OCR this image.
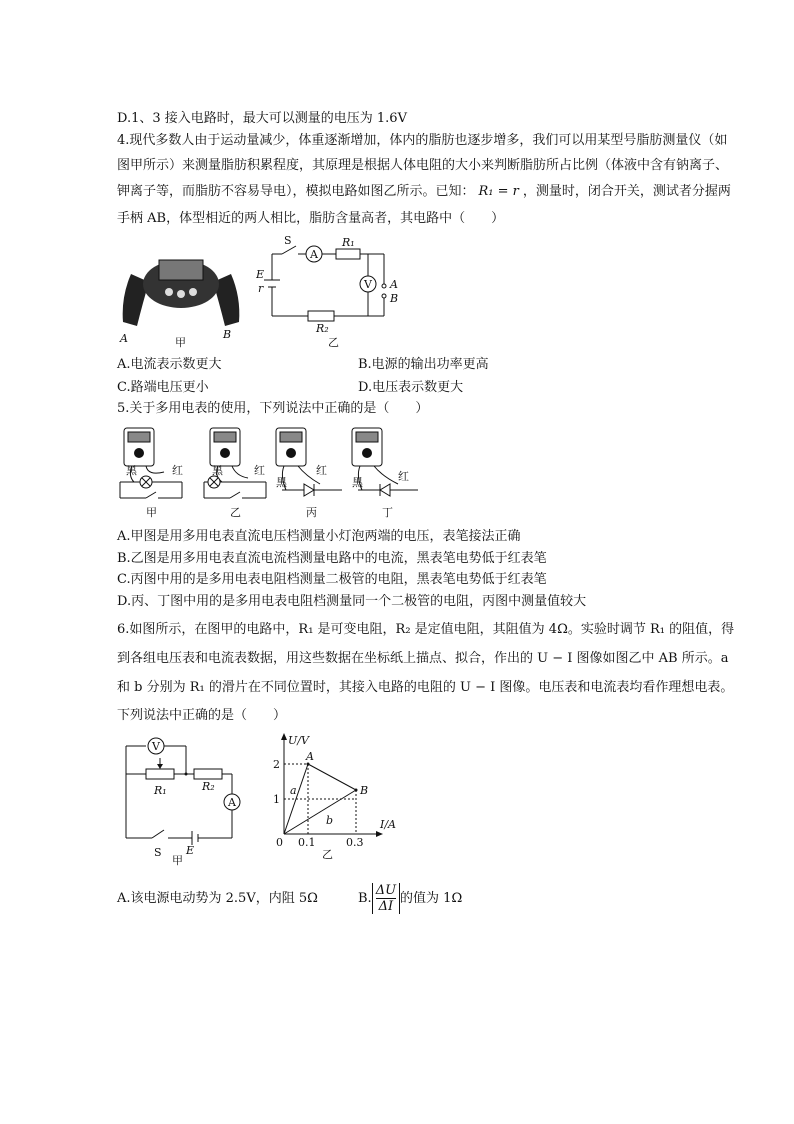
D.1、3 接入电路时，最大可以测量的电压为 1.6V
4.现代多数人由于运动量减少，体重逐渐增加，体内的脂肪也逐步增多，我们可以用某型号脂肪测量仪（如
图甲所示）来测量脂肪积累程度，其原理是根据人体电阻的大小来判断脂肪所占比例（体液中含有钠离子、
钾离子等，而脂肪不容易导电），模拟电路如图乙所示。已知： R₁ = r ，测量时，闭合开关，测试者分握两
手柄 AB，体型相近的两人相比，脂肪含量高者，其电路中（　　）
A	B
甲
S
A
R₁
E
r	V A
B
R₂
乙
A.电流表示数更大	B.电源的输出功率更高
C.路端电压更小	D.电压表示数更大
5.关于多用电表的使用，下列说法中正确的是（　　）
黑	红
甲
黑	红
乙
黑
红
丙
黑	红
丁
A.甲图是用多用电表直流电压档测量小灯泡两端的电压，表笔接法正确
B.乙图是用多用电表直流电流档测量电路中的电流，黑表笔电势低于红表笔
C.丙图中用的是多用电表电阻档测量二极管的电阻，黑表笔电势低于红表笔
D.丙、丁图中用的是多用电表电阻档测量同一个二极管的电阻，丙图中测量值较大
6.如图所示，在图甲的电路中，R₁ 是可变电阻，R₂ 是定值电阻，其阻值为 4Ω。实验时调节 R₁ 的阻值，得
到各组电压表和电流表数据，用这些数据在坐标纸上描点、拟合，作出的 U − I 图像如图乙中 AB 所示。a
和 b 分别为 R₁ 的滑片在不同位置时，其接入电路的电阻的 U − I 图像。电压表和电流表均看作理想电表。
下列说法中正确的是（　　）
V
R₁	R₂
A
S E
甲
U/V
I/A
2
1
0 0.1	0.3
A
B
a
b
乙
A.该电源电动势为 2.5V，内阻 5Ω	B. $\frac{\Delta U}{\Delta I}$ 的值为 1Ω
